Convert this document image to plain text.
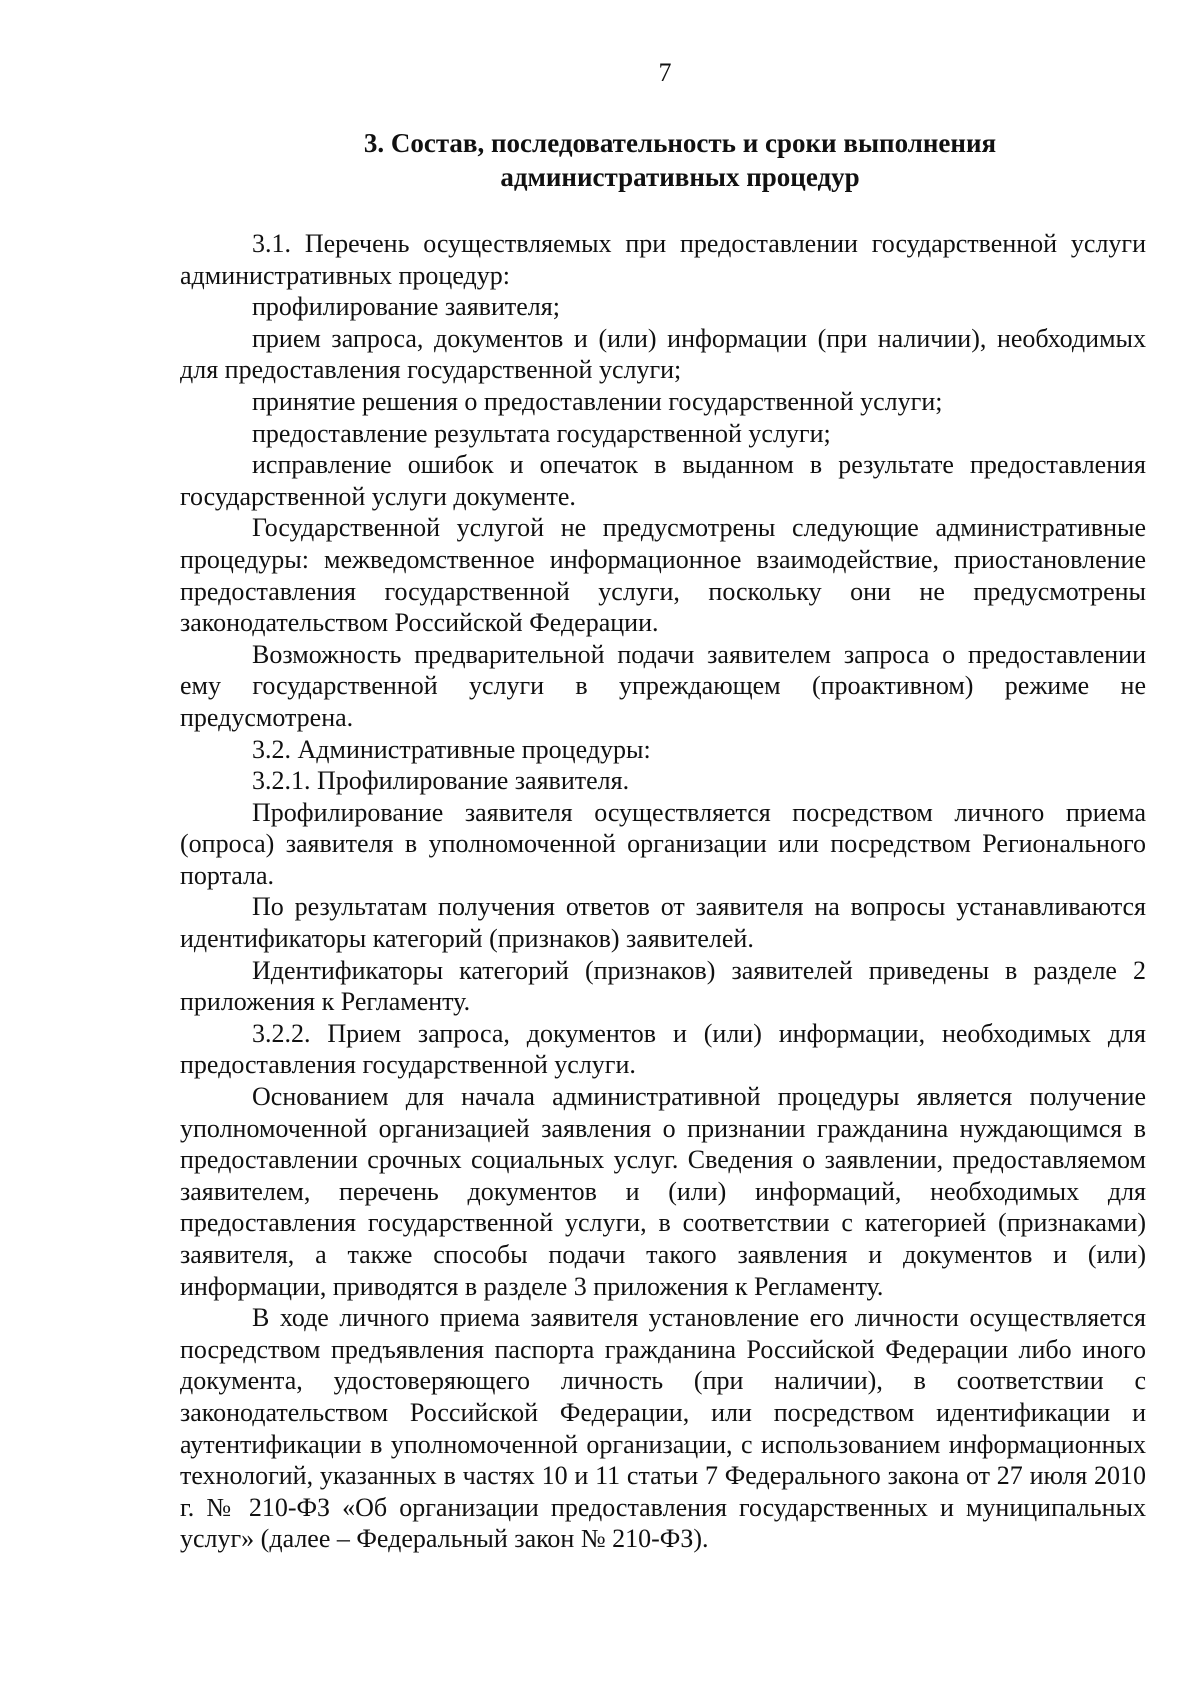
7
3. Состав, последовательность и сроки выполнения
административных процедур

3.1. Перечень осуществляемых при предоставлении государственной услуги административных процедур:

профилирование заявителя;

прием запроса, документов и (или) информации (при наличии), необходимых для предоставления государственной услуги;

принятие решения о предоставлении государственной услуги;

предоставление результата государственной услуги;

исправление ошибок и опечаток в выданном в результате предоставления государственной услуги документе.

Государственной услугой не предусмотрены следующие административные процедуры: межведомственное информационное взаимодействие, приостановление предоставления государственной услуги, поскольку они не предусмотрены законодательством Российской Федерации.

Возможность предварительной подачи заявителем запроса о предоставлении ему государственной услуги в упреждающем (проактивном) режиме не предусмотрена.

3.2. Административные процедуры:

3.2.1. Профилирование заявителя.

Профилирование заявителя осуществляется посредством личного приема (опроса) заявителя в уполномоченной организации или посредством Регионального портала.

По результатам получения ответов от заявителя на вопросы устанавливаются идентификаторы категорий (признаков) заявителей.

Идентификаторы категорий (признаков) заявителей приведены в разделе 2 приложения к Регламенту.

3.2.2. Прием запроса, документов и (или) информации, необходимых для предоставления государственной услуги.

Основанием для начала административной процедуры является получение уполномоченной организацией заявления о признании гражданина нуждающимся в предоставлении срочных социальных услуг. Сведения о заявлении, предоставляемом заявителем, перечень документов и (или) информаций, необходимых для предоставления государственной услуги, в соответствии с категорией (признаками) заявителя, а также способы подачи такого заявления и документов и (или) информации, приводятся в разделе 3 приложения к Регламенту.

В ходе личного приема заявителя установление его личности осуществляется посредством предъявления паспорта гражданина Российской Федерации либо иного документа, удостоверяющего личность (при наличии), в соответствии с законодательством Российской Федерации, или посредством идентификации и аутентификации в уполномоченной организации, с использованием информационных технологий, указанных в частях 10 и 11 статьи 7 Федерального закона от 27 июля 2010 г. № 210-ФЗ «Об организации предоставления государственных и муниципальных услуг» (далее – Федеральный закон № 210-ФЗ).
